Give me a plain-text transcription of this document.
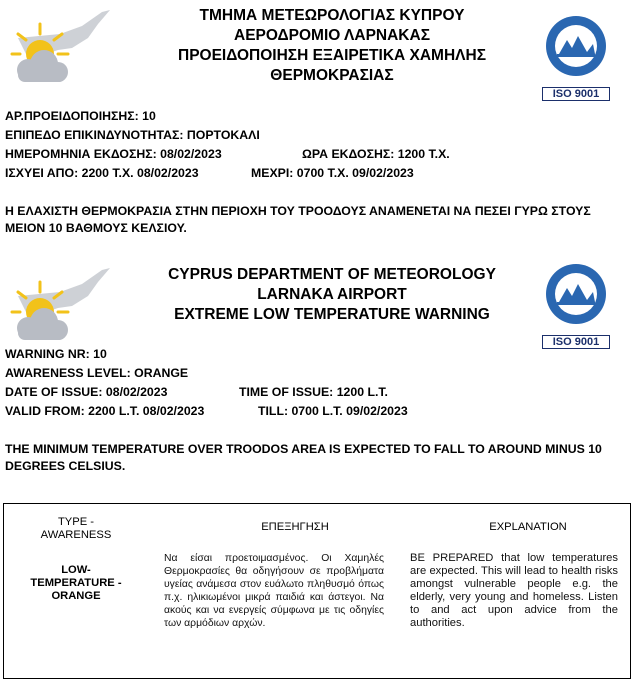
ΤΜΗΜΑ ΜΕΤΕΩΡΟΛΟΓΙΑΣ ΚΥΠΡΟΥ
ΑΕΡΟΔΡΟΜΙΟ ΛΑΡΝΑΚΑΣ
ΠΡΟΕΙΔΟΠΟΙΗΣΗ ΕΞΑΙΡΕΤΙΚΑ ΧΑΜΗΛΗΣ
ΘΕΡΜΟΚΡΑΣΙΑΣ
ISO 9001
ΑΡ.ΠΡΟΕΙΔΟΠΟΙΗΣΗΣ: 10
ΕΠΙΠΕΔΟ ΕΠΙΚΙΝΔΥΝΟΤΗΤΑΣ: ΠΟΡΤΟΚΑΛΙ
ΗΜΕΡΟΜΗΝΙΑ ΕΚΔΟΣΗΣ: 08/02/2023	ΩΡΑ ΕΚΔΟΣΗΣ: 1200 Τ.Χ.
ΙΣΧΥΕΙ ΑΠΟ: 2200 Τ.Χ. 08/02/2023	ΜΕΧΡΙ: 0700 Τ.Χ. 09/02/2023
Η ΕΛΑΧΙΣΤΗ ΘΕΡΜΟΚΡΑΣΙΑ ΣΤΗΝ ΠΕΡΙΟΧΗ ΤΟΥ ΤΡΟΟΔΟΥΣ ΑΝΑΜΕΝΕΤΑΙ ΝΑ ΠΕΣΕΙ ΓΥΡΩ ΣΤΟΥΣ ΜΕΙΟΝ 10 ΒΑΘΜΟΥΣ ΚΕΛΣΙΟΥ.
CYPRUS DEPARTMENT OF METEOROLOGY
LARNAKA AIRPORT
EXTREME LOW TEMPERATURE WARNING
ISO 9001
WARNING NR: 10
AWARENESS LEVEL: ORANGE
DATE OF ISSUE: 08/02/2023	TIME OF ISSUE: 1200 L.T.
VALID FROM: 2200 L.T. 08/02/2023	TILL: 0700 L.T. 09/02/2023
THE MINIMUM TEMPERATURE OVER TROODOS AREA IS EXPECTED TO FALL TO AROUND MINUS 10 DEGREES CELSIUS.
TYPE - AWARENESS	ΕΠΕΞΗΓΗΣΗ	EXPLANATION

LOW-TEMPERATURE - ORANGE	Να είσαι προετοιμασμένος. Οι Χαμηλές Θερμοκρασίες θα οδηγήσουν σε προβλήματα υγείας ανάμεσα στον ευάλωτο πληθυσμό όπως π.χ. ηλικιωμένοι μικρά παιδιά και άστεγοι. Να ακούς και να ενεργείς σύμφωνα με τις οδηγίες των αρμόδιων αρχών.	BE PREPARED that low temperatures are expected. This will lead to health risks amongst vulnerable people e.g. the elderly, very young and homeless. Listen to and act upon advice from the authorities.
